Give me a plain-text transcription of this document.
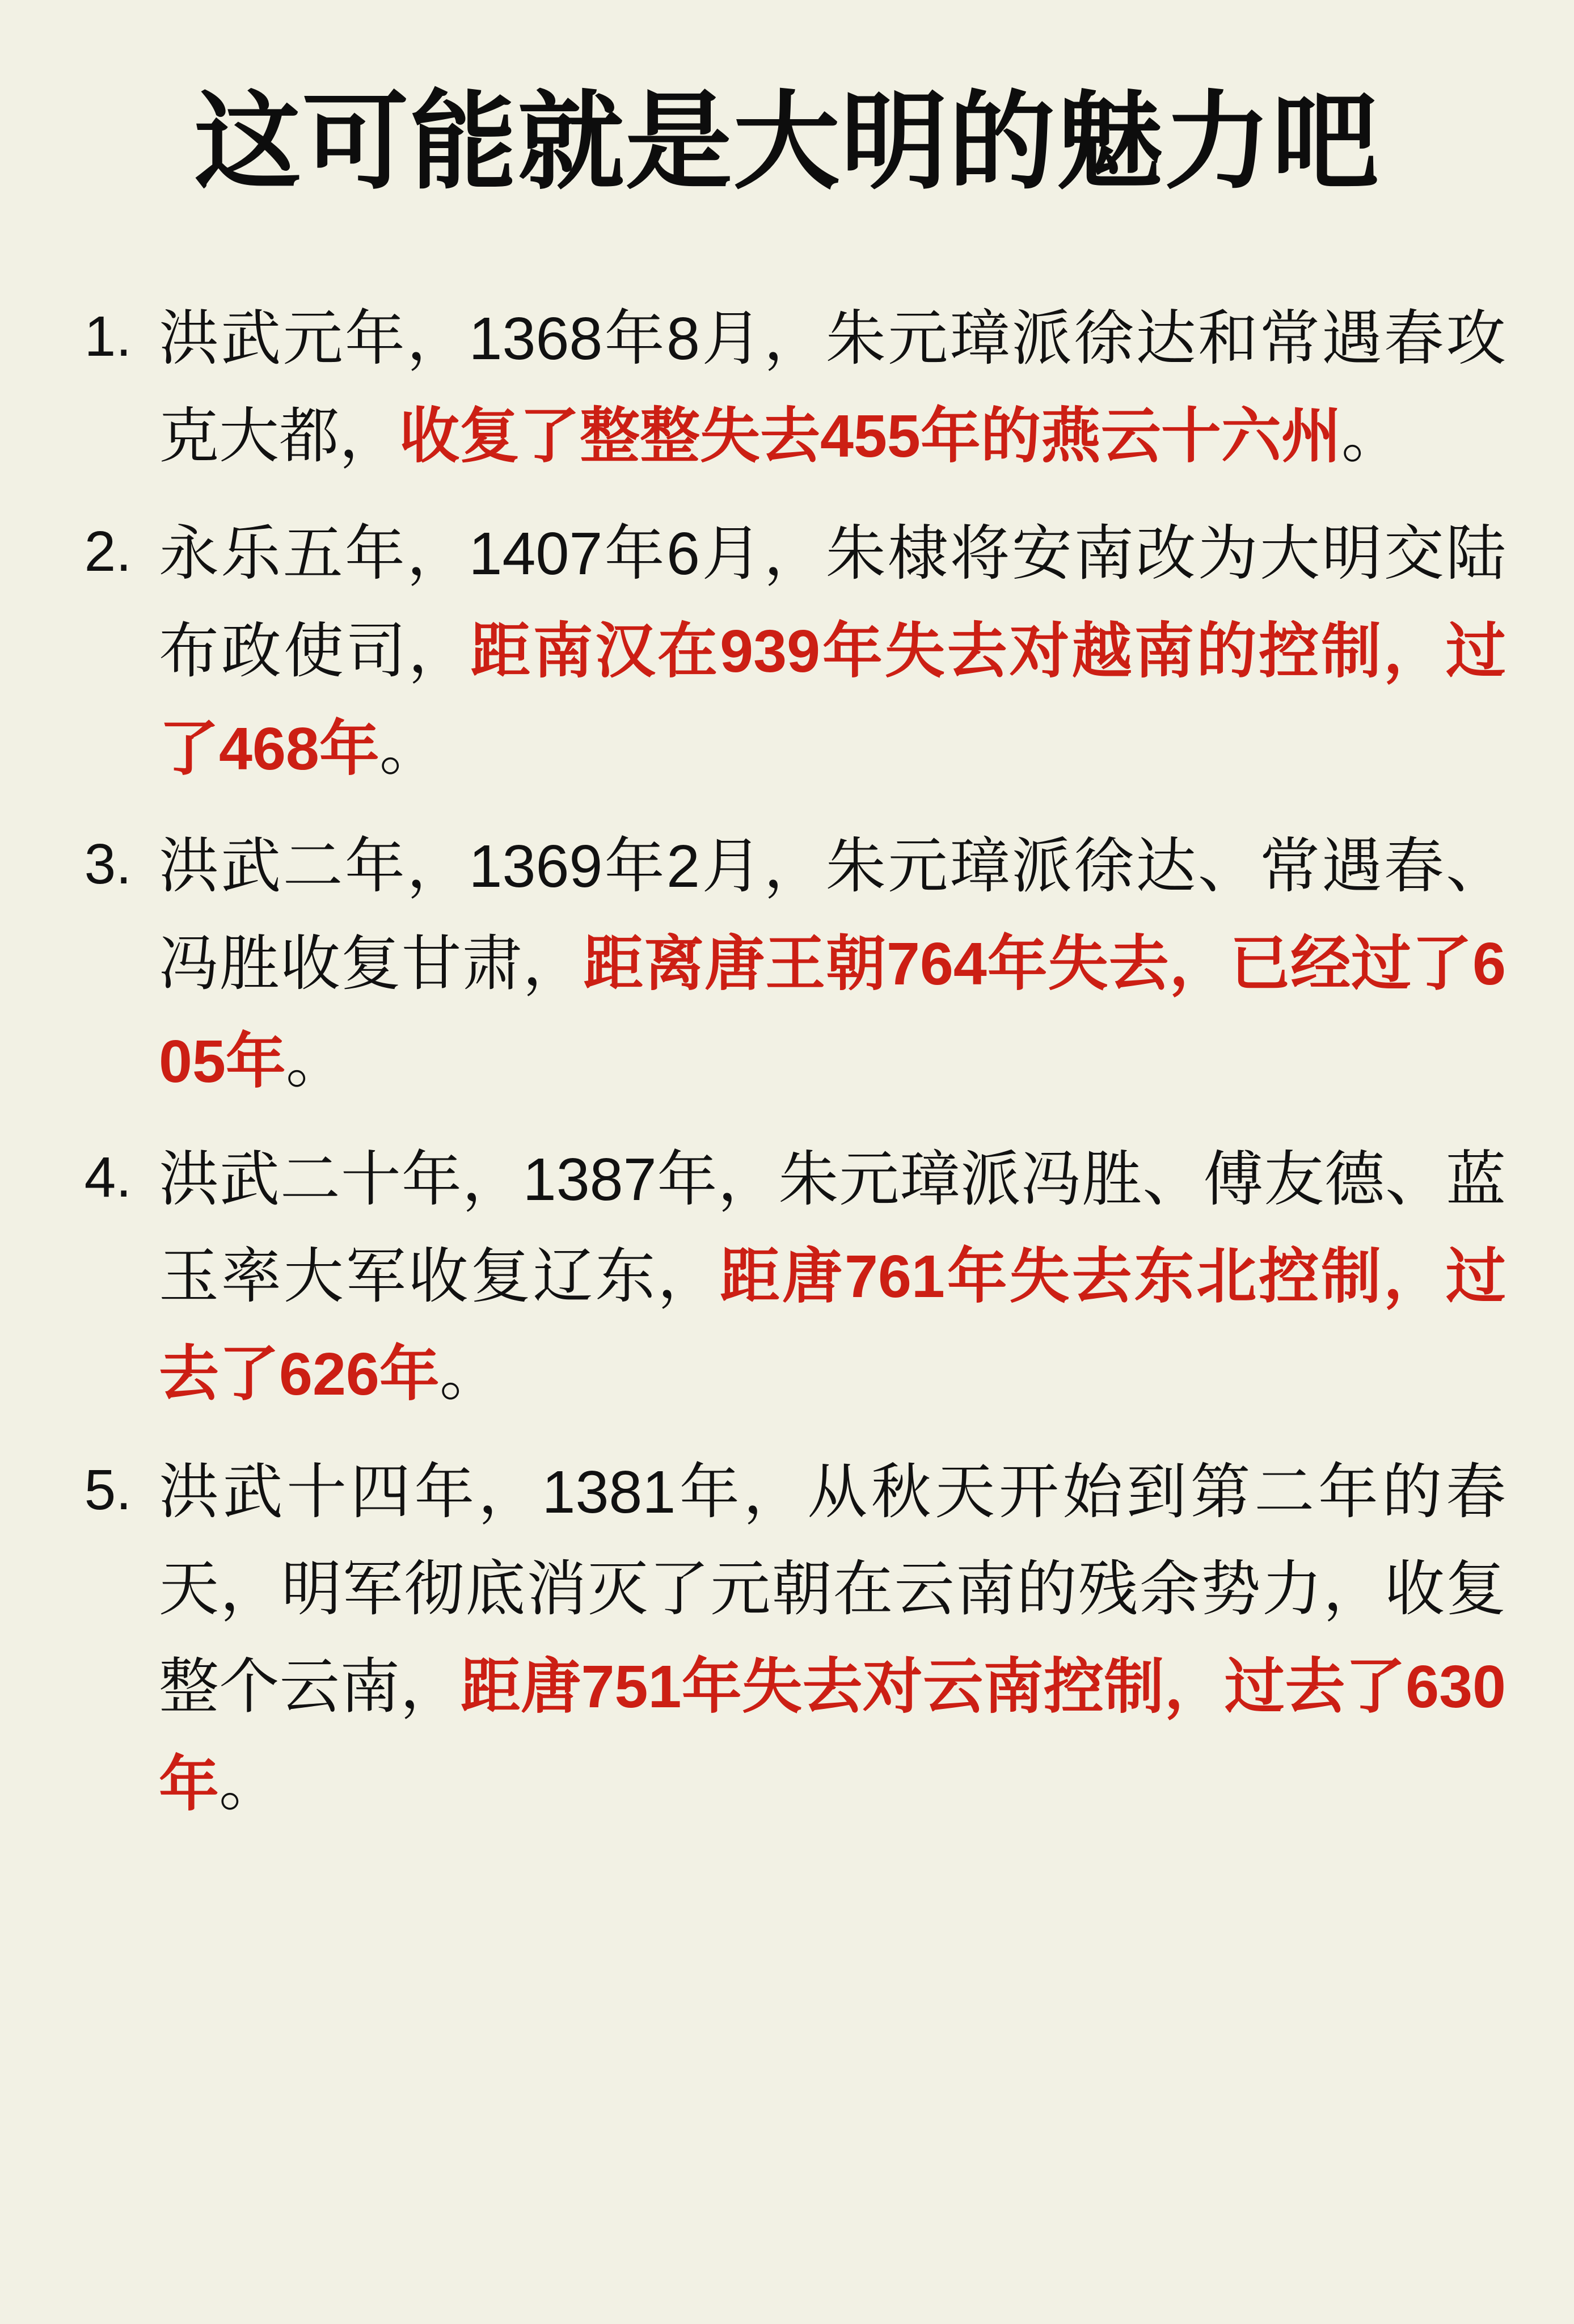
这可能就是大明的魅力吧
1. 洪武元年，1368年8月，朱元璋派徐达和常遇春攻克大都，收复了整整失去455年的燕云十六州。
2. 永乐五年，1407年6月，朱棣将安南改为大明交陆布政使司，距南汉在939年失去对越南的控制，过了468年。
3. 洪武二年，1369年2月，朱元璋派徐达、常遇春、冯胜收复甘肃，距离唐王朝764年失去，已经过了605年。
4. 洪武二十年，1387年，朱元璋派冯胜、傅友德、蓝玉率大军收复辽东，距唐761年失去东北控制，过去了626年。
5. 洪武十四年，1381年，从秋天开始到第二年的春天，明军彻底消灭了元朝在云南的残余势力，收复整个云南，距唐751年失去对云南控制，过去了630年。
